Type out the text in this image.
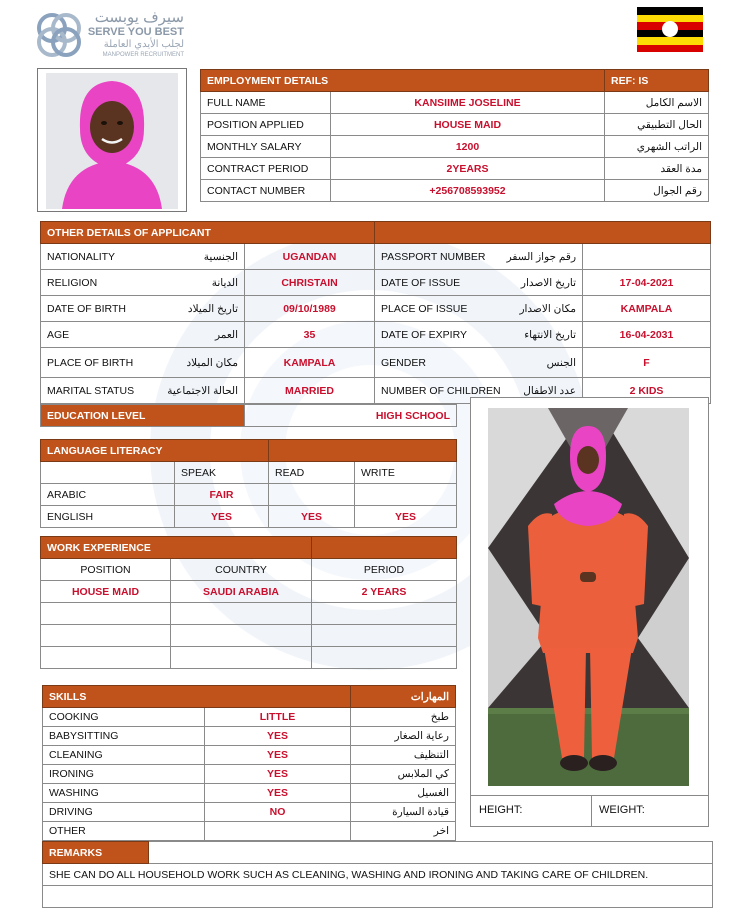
سيرف يوبست
SERVE YOU BEST
لجلب الأيدي العاملة
MANPOWER RECRUITMENT
EMPLOYMENT DETAILS		REF: IS
FULL NAME	KANSIIME JOSELINE	الاسم الكامل
POSITION APPLIED	HOUSE MAID	الحال التطبيقي
MONTHLY SALARY	1200	الراتب الشهري
CONTRACT PERIOD	2YEARS	مدة العقد
CONTACT NUMBER	+256708593952	رقم الجوال
OTHER DETAILS OF APPLICANT			

NATIONALITY الجنسية	UGANDAN	PASSPORT NUMBER رقم جواز السفر	

RELIGION الديانة	CHRISTAIN	DATE OF ISSUE تاريخ الاصدار	17-04-2021

DATE OF BIRTH تاريخ الميلاد	09/10/1989	PLACE OF ISSUE مكان الاصدار	KAMPALA

AGE العمر	35	DATE OF EXPIRY تاريخ الانتهاء	16-04-2031

PLACE OF BIRTH مكان الميلاد	KAMPALA	GENDER الجنس	F

MARITAL STATUS الحالة الاجتماعية	MARRIED	NUMBER OF CHILDREN عدد الاطفال	2 KIDS
EDUCATION LEVEL	HIGH SCHOOL
LANGUAGE LITERACY			
	SPEAK	READ	WRITE
ARABIC	FAIR		
ENGLISH	YES	YES	YES
WORK EXPERIENCE		
POSITION	COUNTRY	PERIOD
HOUSE MAID	SAUDI ARABIA	2 YEARS

SKILLS		المهارات
COOKING	LITTLE	طبخ
BABYSITTING	YES	رعاية الصغار
CLEANING	YES	التنظيف
IRONING	YES	كي الملابس
WASHING	YES	الغسيل
DRIVING	NO	قيادة السيارة
OTHER		اخر
HEIGHT:	WEIGHT:
REMARKS	
SHE CAN DO ALL HOUSEHOLD WORK SUCH AS CLEANING, WASHING AND IRONING AND TAKING CARE OF CHILDREN.
